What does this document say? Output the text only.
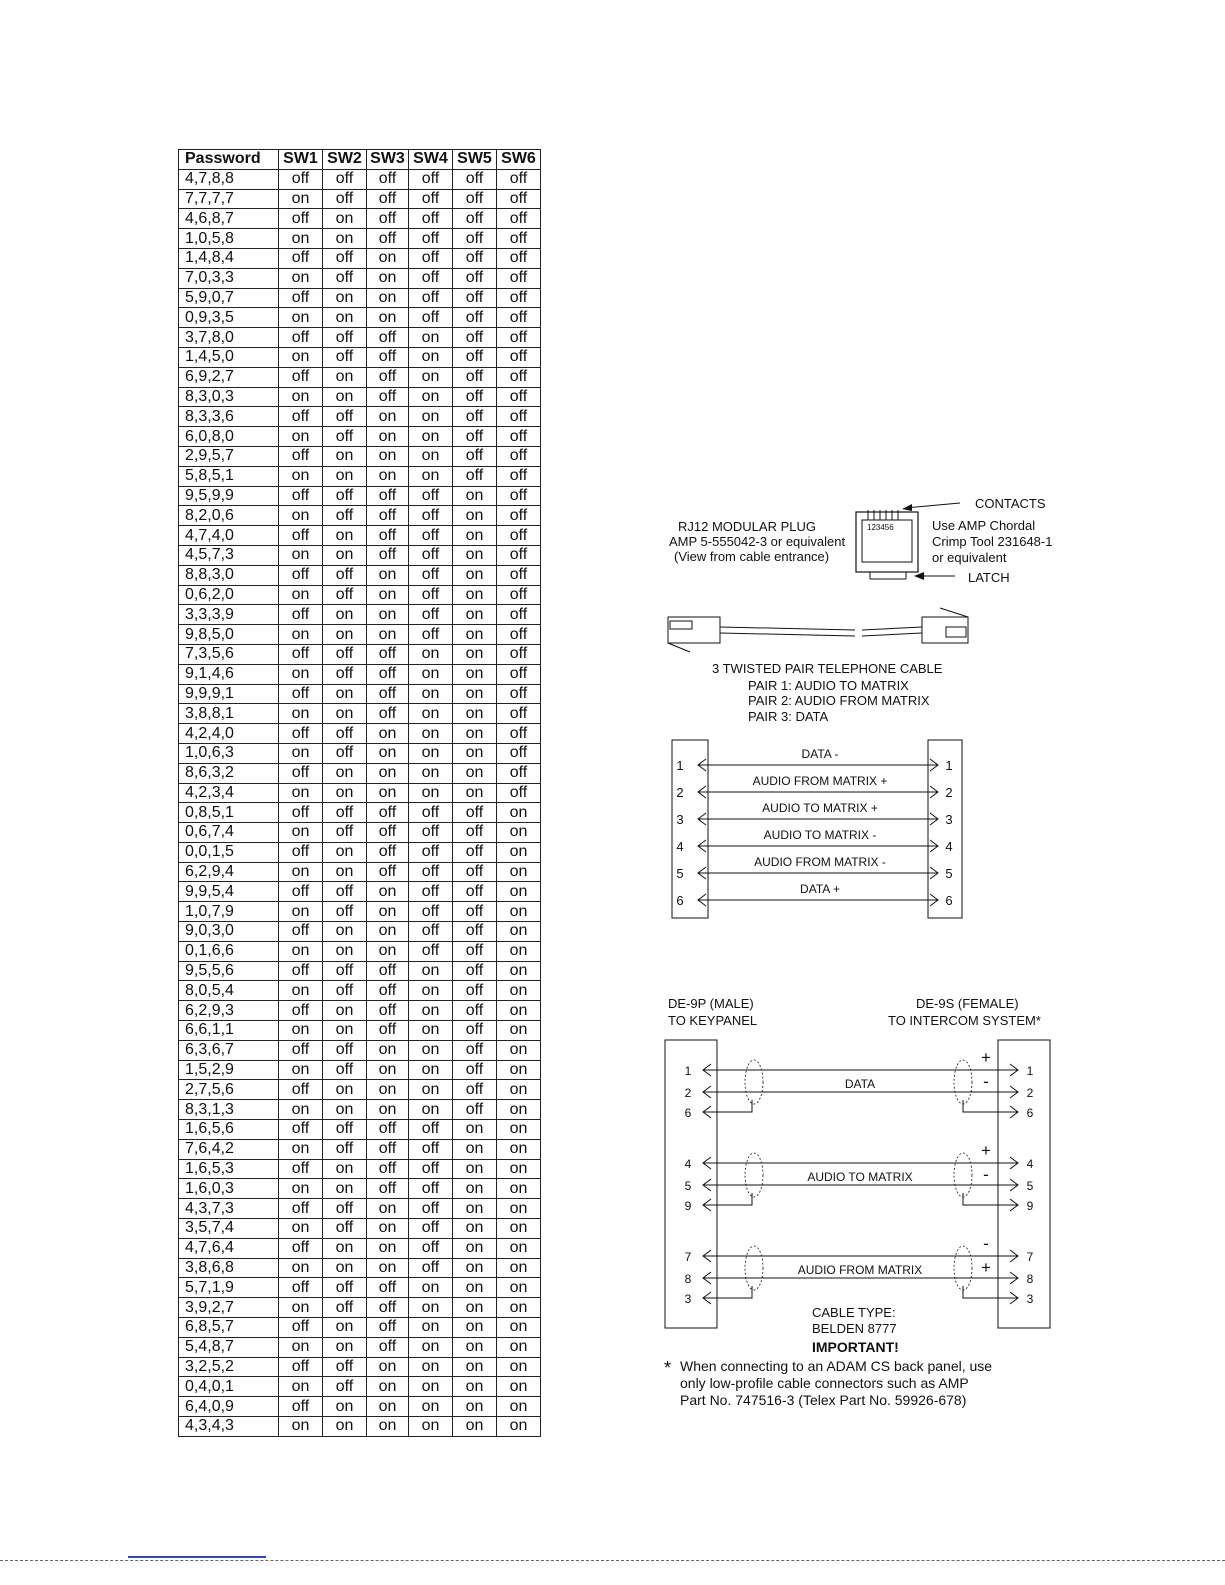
Password	SW1	SW2	SW3	SW4	SW5	SW6
4,7,8,8	off	off	off	off	off	off
7,7,7,7	on	off	off	off	off	off
4,6,8,7	off	on	off	off	off	off
1,0,5,8	on	on	off	off	off	off
1,4,8,4	off	off	on	off	off	off
7,0,3,3	on	off	on	off	off	off
5,9,0,7	off	on	on	off	off	off
0,9,3,5	on	on	on	off	off	off
3,7,8,0	off	off	off	on	off	off
1,4,5,0	on	off	off	on	off	off
6,9,2,7	off	on	off	on	off	off
8,3,0,3	on	on	off	on	off	off
8,3,3,6	off	off	on	on	off	off
6,0,8,0	on	off	on	on	off	off
2,9,5,7	off	on	on	on	off	off
5,8,5,1	on	on	on	on	off	off
9,5,9,9	off	off	off	off	on	off
8,2,0,6	on	off	off	off	on	off
4,7,4,0	off	on	off	off	on	off
4,5,7,3	on	on	off	off	on	off
8,8,3,0	off	off	on	off	on	off
0,6,2,0	on	off	on	off	on	off
3,3,3,9	off	on	on	off	on	off
9,8,5,0	on	on	on	off	on	off
7,3,5,6	off	off	off	on	on	off
9,1,4,6	on	off	off	on	on	off
9,9,9,1	off	on	off	on	on	off
3,8,8,1	on	on	off	on	on	off
4,2,4,0	off	off	on	on	on	off
1,0,6,3	on	off	on	on	on	off
8,6,3,2	off	on	on	on	on	off
4,2,3,4	on	on	on	on	on	off
0,8,5,1	off	off	off	off	off	on
0,6,7,4	on	off	off	off	off	on
0,0,1,5	off	on	off	off	off	on
6,2,9,4	on	on	off	off	off	on
9,9,5,4	off	off	on	off	off	on
1,0,7,9	on	off	on	off	off	on
9,0,3,0	off	on	on	off	off	on
0,1,6,6	on	on	on	off	off	on
9,5,5,6	off	off	off	on	off	on
8,0,5,4	on	off	off	on	off	on
6,2,9,3	off	on	off	on	off	on
6,6,1,1	on	on	off	on	off	on
6,3,6,7	off	off	on	on	off	on
1,5,2,9	on	off	on	on	off	on
2,7,5,6	off	on	on	on	off	on
8,3,1,3	on	on	on	on	off	on
1,6,5,6	off	off	off	off	on	on
7,6,4,2	on	off	off	off	on	on
1,6,5,3	off	on	off	off	on	on
1,6,0,3	on	on	off	off	on	on
4,3,7,3	off	off	on	off	on	on
3,5,7,4	on	off	on	off	on	on
4,7,6,4	off	on	on	off	on	on
3,8,6,8	on	on	on	off	on	on
5,7,1,9	off	off	off	on	on	on
3,9,2,7	on	off	off	on	on	on
6,8,5,7	off	on	off	on	on	on
5,4,8,7	on	on	off	on	on	on
3,2,5,2	off	off	on	on	on	on
0,4,0,1	on	off	on	on	on	on
6,4,0,9	off	on	on	on	on	on
4,3,4,3	on	on	on	on	on	on
123456
CONTACTS
LATCH
RJ12 MODULAR PLUG
AMP 5-555042-3 or equivalent
(View from cable entrance)
Use AMP Chordal
Crimp Tool 231648-1
or equivalent
3 TWISTED PAIR TELEPHONE CABLE
PAIR 1: AUDIO TO MATRIX
PAIR 2: AUDIO FROM MATRIX
PAIR 3: DATA
1	1
DATA -
2	2
AUDIO FROM MATRIX +
3	3
AUDIO TO MATRIX +
4	4
AUDIO TO MATRIX -
5	5
AUDIO FROM MATRIX -
6	6
DATA +
DE-9P (MALE)
TO KEYPANEL
DE-9S (FEMALE)
TO INTERCOM SYSTEM*
1	1
2	2
6	6
+
-
DATA
4	4
5	5
9	9
+
-
AUDIO TO MATRIX
7	7
8	8
3	3
-
+
AUDIO FROM MATRIX
CABLE TYPE:
BELDEN 8777
IMPORTANT!
* When connecting to an ADAM CS back panel, use
only low-profile cable connectors such as AMP
Part No. 747516-3 (Telex Part No. 59926-678)
